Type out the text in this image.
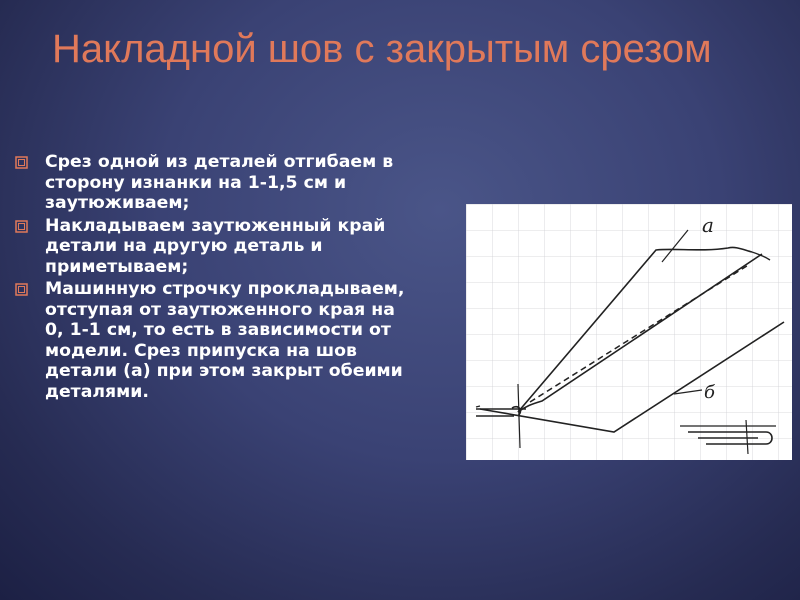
Накладной шов с закрытым срезом
Срез одной из деталей отгибаем в сторону изнанки на 1-1,5 см и заутюживаем;
Накладываем заутюженный край детали на другую деталь и приметываем;
Машинную строчку прокладываем, отступая от заутюженного края на 0, 1-1 см, то есть в зависимости от модели. Срез припуска на шов детали (а) при этом закрыт обеими деталями.
а
б
